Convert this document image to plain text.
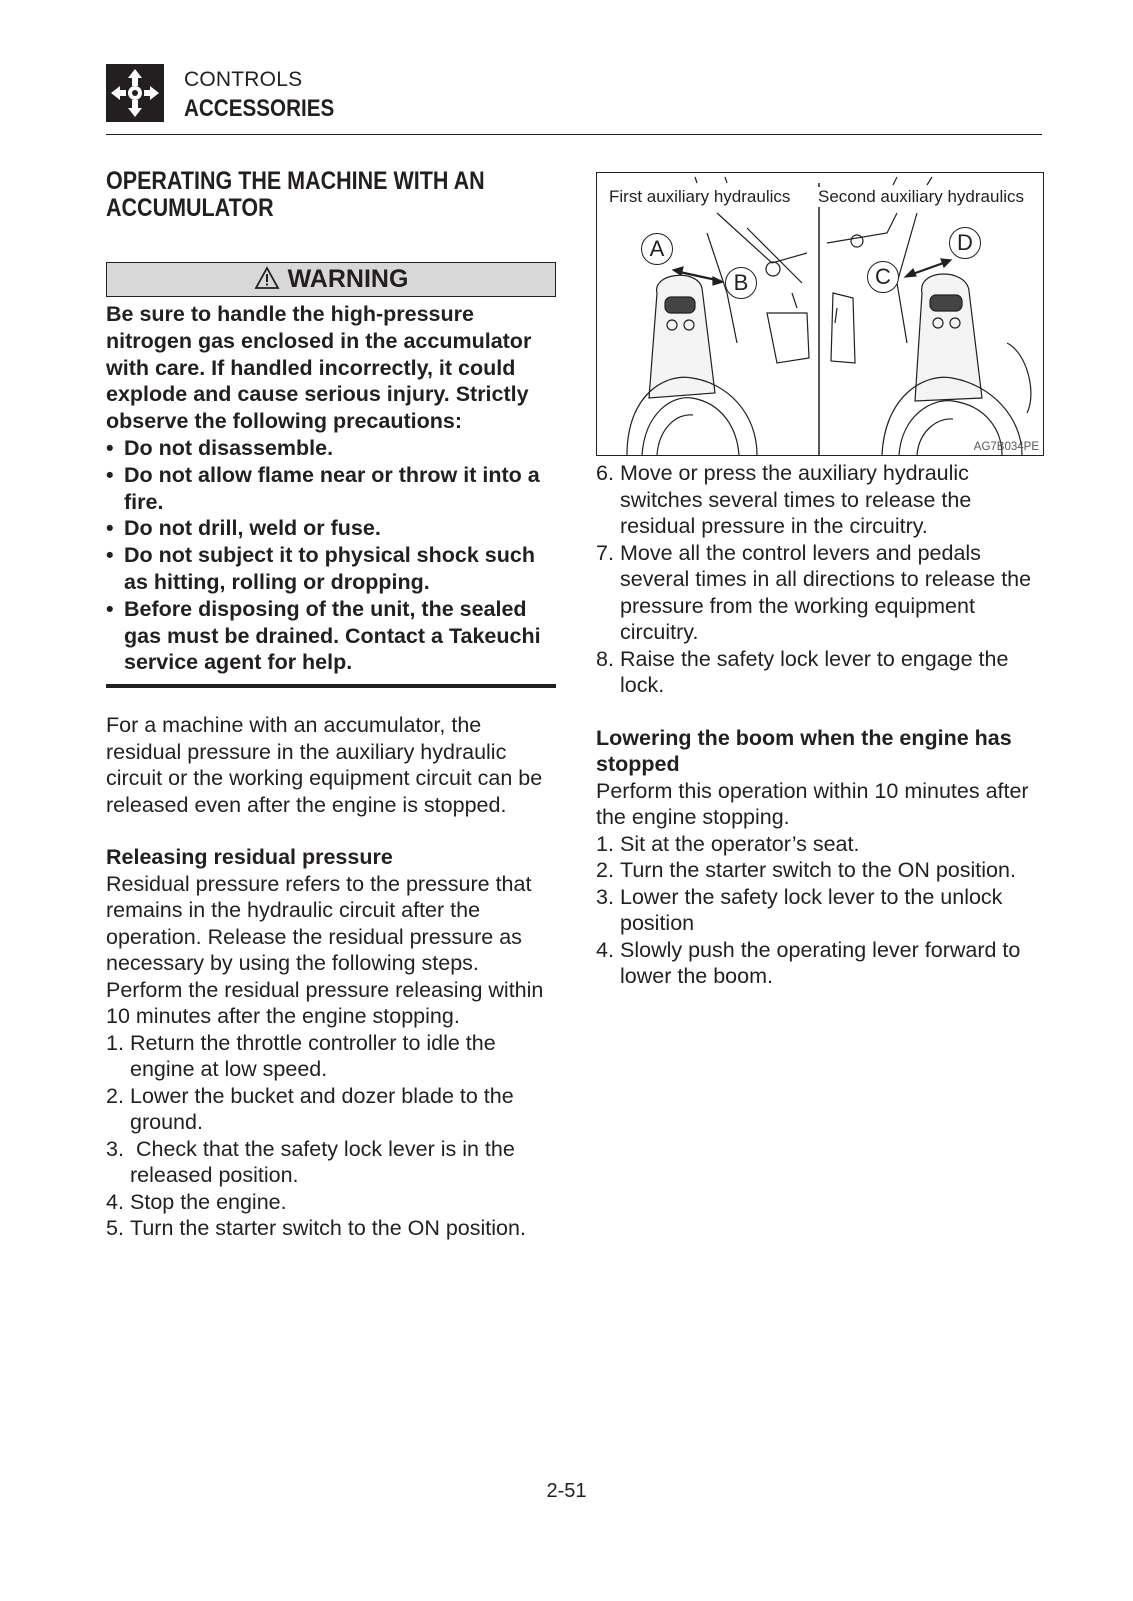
CONTROLS
ACCESSORIES
OPERATING THE MACHINE WITH AN ACCUMULATOR
WARNING

Be sure to handle the high-pressure nitrogen gas enclosed in the accumulator with care. If handled incorrectly, it could explode and cause serious injury. Strictly observe the following precautions:

• Do not disassemble.
• Do not allow flame near or throw it into a fire.
• Do not drill, weld or fuse.
• Do not subject it to physical shock such as hitting, rolling or dropping.
• Before disposing of the unit, the sealed gas must be drained. Contact a Takeuchi service agent for help.

For a machine with an accumulator, the residual pressure in the auxiliary hydraulic circuit or the working equipment circuit can be released even after the engine is stopped.

Releasing residual pressure

Residual pressure refers to the pressure that remains in the hydraulic circuit after the operation. Release the residual pressure as necessary by using the following steps. Perform the residual pressure releasing within 10 minutes after the engine stopping.

1. Return the throttle controller to idle the engine at low speed.
2. Lower the bucket and dozer blade to the ground.
3. Check that the safety lock lever is in the released position.
4. Stop the engine.
5. Turn the starter switch to the ON position.
First auxiliary hydraulics Second auxiliary hydraulics
A
B	C
D
AG7B034PE
6. Move or press the auxiliary hydraulic switches several times to release the residual pressure in the circuitry.
7. Move all the control levers and pedals several times in all directions to release the pressure from the working equipment circuitry.
8. Raise the safety lock lever to engage the lock.

Lowering the boom when the engine has stopped

Perform this operation within 10 minutes after the engine stopping.

1. Sit at the operator’s seat.
2. Turn the starter switch to the ON position.
3. Lower the safety lock lever to the unlock position
4. Slowly push the operating lever forward to lower the boom.
2-51
